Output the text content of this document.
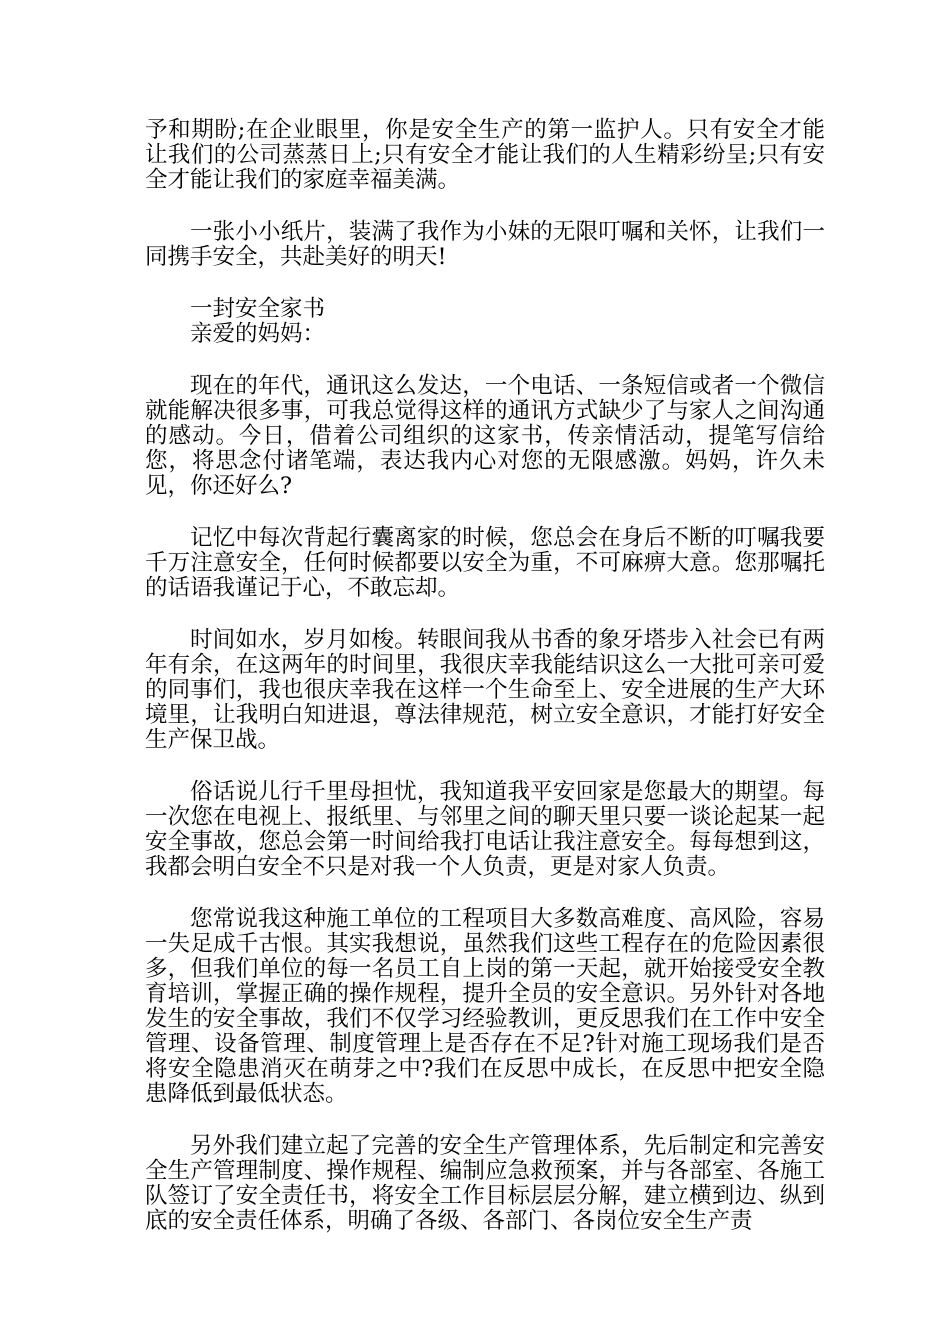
予和期盼;在企业眼里，你是安全生产的第一监护人。只有安全才能让我们的公司蒸蒸日上;只有安全才能让我们的人生精彩纷呈;只有安全才能让我们的家庭幸福美满。

一张小小纸片，装满了我作为小妹的无限叮嘱和关怀，让我们一同携手安全，共赴美好的明天!

一封安全家书

亲爱的妈妈：

现在的年代，通讯这么发达，一个电话、一条短信或者一个微信就能解决很多事，可我总觉得这样的通讯方式缺少了与家人之间沟通的感动。今日，借着公司组织的这家书，传亲情活动，提笔写信给您，将思念付诸笔端，表达我内心对您的无限感激。妈妈，许久未见，你还好么?

记忆中每次背起行囊离家的时候，您总会在身后不断的叮嘱我要千万注意安全，任何时候都要以安全为重，不可麻痹大意。您那嘱托的话语我谨记于心，不敢忘却。

时间如水，岁月如梭。转眼间我从书香的象牙塔步入社会已有两年有余，在这两年的时间里，我很庆幸我能结识这么一大批可亲可爱的同事们，我也很庆幸我在这样一个生命至上、安全进展的生产大环境里，让我明白知进退，尊法律规范，树立安全意识，才能打好安全生产保卫战。

俗话说儿行千里母担忧，我知道我平安回家是您最大的期望。每一次您在电视上、报纸里、与邻里之间的聊天里只要一谈论起某一起安全事故，您总会第一时间给我打电话让我注意安全。每每想到这，我都会明白安全不只是对我一个人负责，更是对家人负责。

您常说我这种施工单位的工程项目大多数高难度、高风险，容易一失足成千古恨。其实我想说，虽然我们这些工程存在的危险因素很多，但我们单位的每一名员工自上岗的第一天起，就开始接受安全教育培训，掌握正确的操作规程，提升全员的安全意识。另外针对各地发生的安全事故，我们不仅学习经验教训，更反思我们在工作中安全管理、设备管理、制度管理上是否存在不足?针对施工现场我们是否将安全隐患消灭在萌芽之中?我们在反思中成长，在反思中把安全隐患降低到最低状态。

另外我们建立起了完善的安全生产管理体系，先后制定和完善安全生产管理制度、操作规程、编制应急救预案，并与各部室、各施工队签订了安全责任书，将安全工作目标层层分解，建立横到边、纵到底的安全责任体系，明确了各级、各部门、各岗位安全生产责
